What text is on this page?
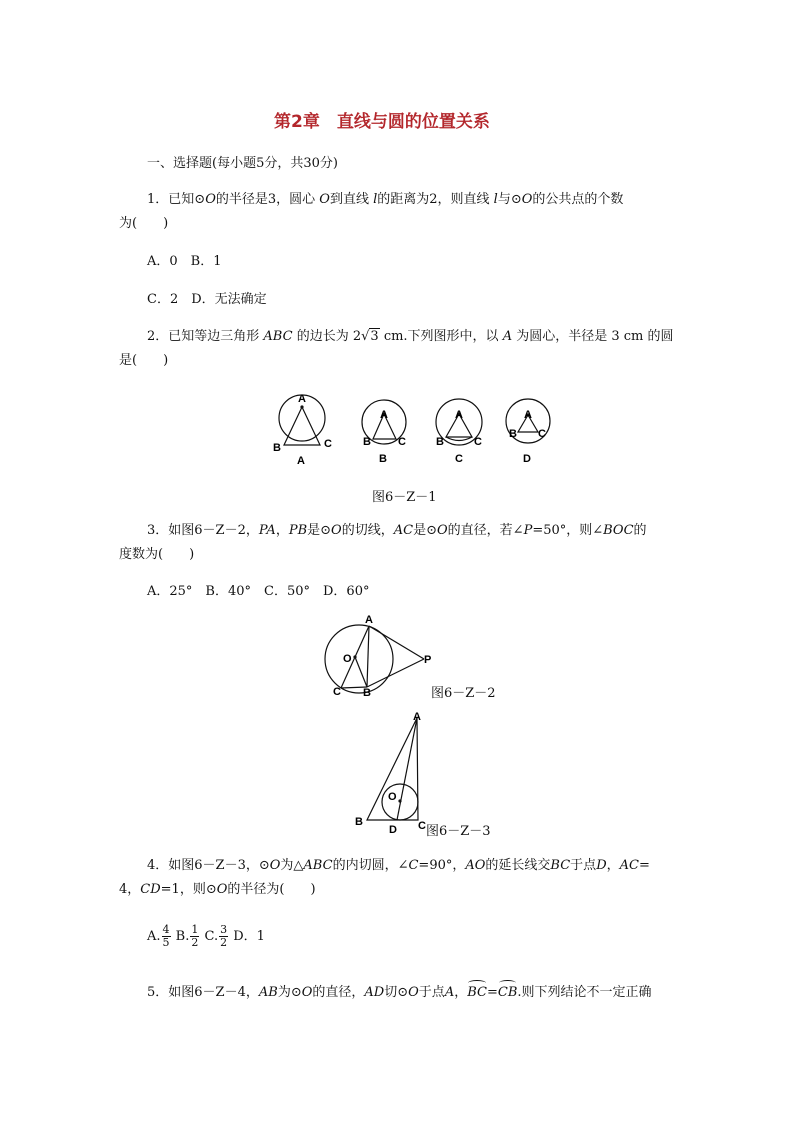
第2章　直线与圆的位置关系
一、选择题(每小题5分，共30分)
1．已知⊙O的半径是3，圆心 O到直线 l的距离为2，则直线 l与⊙O的公共点的个数
为(　　)
A．0　B．1
C．2　D．无法确定
2．已知等边三角形 ABC 的边长为 2√3 cm.下列图形中，以 A 为圆心，半径是 3 cm 的圆
是(　　)
A
B	C
A
A
B C
B
A
B	C
C
A
B C
D
图6－Z－1
3．如图6－Z－2，PA，PB是⊙O的切线，AC是⊙O的直径，若∠P=50°，则∠BOC的
度数为(　　)
A．25°　B．40°　C．50°　D．60°
A
O	P
C B	图6－Z－2
A
O
B
D C 图6－Z－3
4．如图6－Z－3，⊙O为△ABC的内切圆，∠C=90°，AO的延长线交BC于点D，AC=
4，CD=1，则⊙O的半径为(　　)
A. $\frac{4}{5} B$. $\frac{1}{2} C$. $\frac{3}{2}$ D．1
5．如图6－Z－4，AB为⊙O的直径，AD切⊙O于点A，BC=CB.则下列结论不一定正确
